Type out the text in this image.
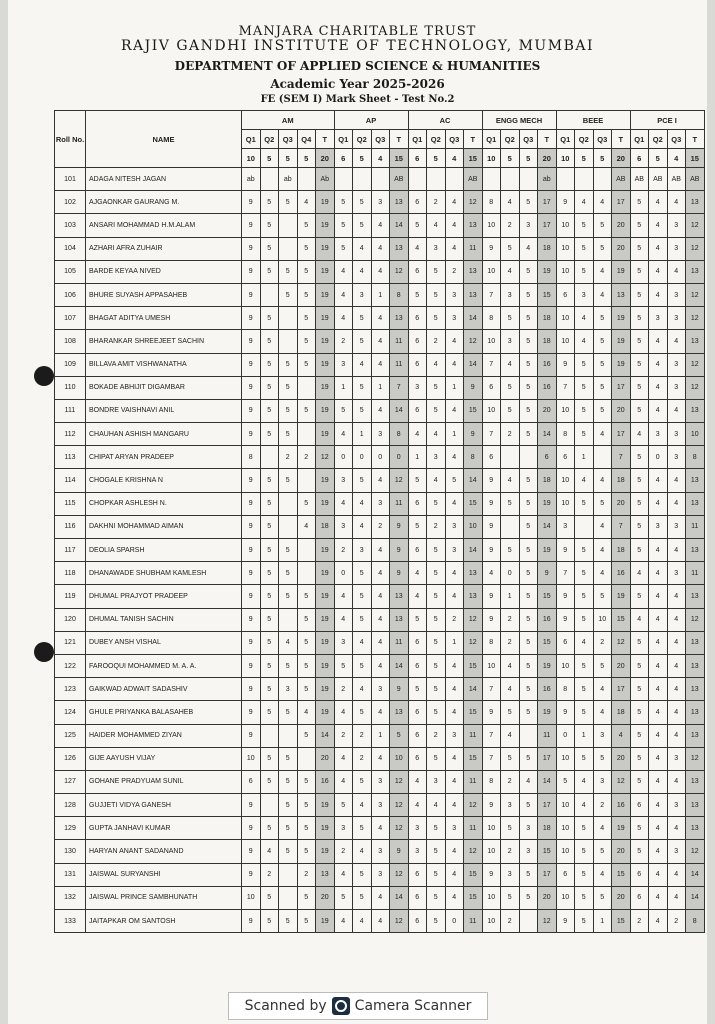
MANJARA CHARITABLE TRUST
RAJIV GANDHI INSTITUTE OF TECHNOLOGY, MUMBAI
DEPARTMENT OF APPLIED SCIENCE & HUMANITIES
Academic Year 2025-2026
FE (SEM I) Mark Sheet - Test No.2
Roll No.	NAME	AM					AP				AC				ENGG MECH				BEEE				PCE I			
		Q1	Q2	Q3	Q4	T	Q1	Q2	Q3	T	Q1	Q2	Q3	T	Q1	Q2	Q3	T	Q1	Q2	Q3	T	Q1	Q2	Q3	T
		10	5	5	5	20	6	5	4	15	6	5	4	15	10	5	5	20	10	5	5	20	6	5	4	15
101	ADAGA NITESH JAGAN	ab		ab		Ab				AB				AB				ab				AB	AB	AB	AB	AB
102	AJGAONKAR GAURANG M.	9	5	5	4	19	5	5	3	13	6	2	4	12	8	4	5	17	9	4	4	17	5	4	4	13
103	ANSARI MOHAMMAD H.M.ALAM	9	5		5	19	5	5	4	14	5	4	4	13	10	2	3	17	10	5	5	20	5	4	3	12
104	AZHARI AFRA ZUHAIR	9	5		5	19	5	4	4	13	4	3	4	11	9	5	4	18	10	5	5	20	5	4	3	12
105	BARDE KEYAA NIVED	9	5	5	5	19	4	4	4	12	6	5	2	13	10	4	5	19	10	5	4	19	5	4	4	13
106	BHURE SUYASH APPASAHEB	9		5	5	19	4	3	1	8	5	5	3	13	7	3	5	15	6	3	4	13	5	4	3	12
107	BHAGAT ADITYA UMESH	9	5		5	19	4	5	4	13	6	5	3	14	8	5	5	18	10	4	5	19	5	3	3	12
108	BHARANKAR SHREEJEET SACHIN	9	5		5	19	2	5	4	11	6	2	4	12	10	3	5	18	10	4	5	19	5	4	4	13
109	BILLAVA AMIT VISHWANATHA	9	5	5	5	19	3	4	4	11	6	4	4	14	7	4	5	16	9	5	5	19	5	4	3	12
110	BOKADE ABHIJIT DIGAMBAR	9	5	5		19	1	5	1	7	3	5	1	9	6	5	5	16	7	5	5	17	5	4	3	12
111	BONDRE VAISHNAVI ANIL	9	5	5	5	19	5	5	4	14	6	5	4	15	10	5	5	20	10	5	5	20	5	4	4	13
112	CHAUHAN ASHISH MANGARU	9	5	5		19	4	1	3	8	4	4	1	9	7	2	5	14	8	5	4	17	4	3	3	10
113	CHIPAT ARYAN PRADEEP	8		2	2	12	0	0	0	0	1	3	4	8	6			6	6	1		7	5	0	3	8
114	CHOGALE KRISHNA N	9	5	5		19	3	5	4	12	5	4	5	14	9	4	5	18	10	4	4	18	5	4	4	13
115	CHOPKAR ASHLESH N.	9	5		5	19	4	4	3	11	6	5	4	15	9	5	5	19	10	5	5	20	5	4	4	13
116	DAKHNI MOHAMMAD AIMAN	9	5		4	18	3	4	2	9	5	2	3	10	9		5	14	3		4	7	5	3	3	11
117	DEOLIA SPARSH	9	5	5		19	2	3	4	9	6	5	3	14	9	5	5	19	9	5	4	18	5	4	4	13
118	DHANAWADE SHUBHAM KAMLESH	9	5	5		19	0	5	4	9	4	5	4	13	4	0	5	9	7	5	4	16	4	4	3	11
119	DHUMAL PRAJYOT PRADEEP	9	5	5	5	19	4	5	4	13	4	5	4	13	9	1	5	15	9	5	5	19	5	4	4	13
120	DHUMAL TANISH SACHIN	9	5		5	19	4	5	4	13	5	5	2	12	9	2	5	16	9	5	10	15	4	4	4	12
121	DUBEY ANSH VISHAL	9	5	4	5	19	3	4	4	11	6	5	1	12	8	2	5	15	6	4	2	12	5	4	4	13
122	FAROOQUI MOHAMMED M. A. A.	9	5	5	5	19	5	5	4	14	6	5	4	15	10	4	5	19	10	5	5	20	5	4	4	13
123	GAIKWAD ADWAIT SADASHIV	9	5	3	5	19	2	4	3	9	5	5	4	14	7	4	5	16	8	5	4	17	5	4	4	13
124	GHULE PRIYANKA BALASAHEB	9	5	5	4	19	4	5	4	13	6	5	4	15	9	5	5	19	9	5	4	18	5	4	4	13
125	HAIDER MOHAMMED ZIYAN	9			5	14	2	2	1	5	6	2	3	11	7	4		11	0	1	3	4	5	4	4	13
126	GIJE AAYUSH VIJAY	10	5	5		20	4	2	4	10	6	5	4	15	7	5	5	17	10	5	5	20	5	4	3	12
127	GOHANE PRADYUAM SUNIL	6	5	5	5	16	4	5	3	12	4	3	4	11	8	2	4	14	5	4	3	12	5	4	4	13
128	GUJJETI VIDYA GANESH	9		5	5	19	5	4	3	12	4	4	4	12	9	3	5	17	10	4	2	16	6	4	3	13
129	GUPTA JANHAVI KUMAR	9	5	5	5	19	3	5	4	12	3	5	3	11	10	5	3	18	10	5	4	19	5	4	4	13
130	HARYAN ANANT SADANAND	9	4	5	5	19	2	4	3	9	3	5	4	12	10	2	3	15	10	5	5	20	5	4	3	12
131	JAISWAL SURYANSHI	9	2		2	13	4	5	3	12	6	5	4	15	9	3	5	17	6	5	4	15	6	4	4	14
132	JAISWAL PRINCE SAMBHUNATH	10	5		5	20	5	5	4	14	6	5	4	15	10	5	5	20	10	5	5	20	6	4	4	14
133	JAITAPKAR OM SANTOSH	9	5	5	5	19	4	4	4	12	6	5	0	11	10	2		12	9	5	1	15	2	4	2	8
Scanned by Camera Scanner
